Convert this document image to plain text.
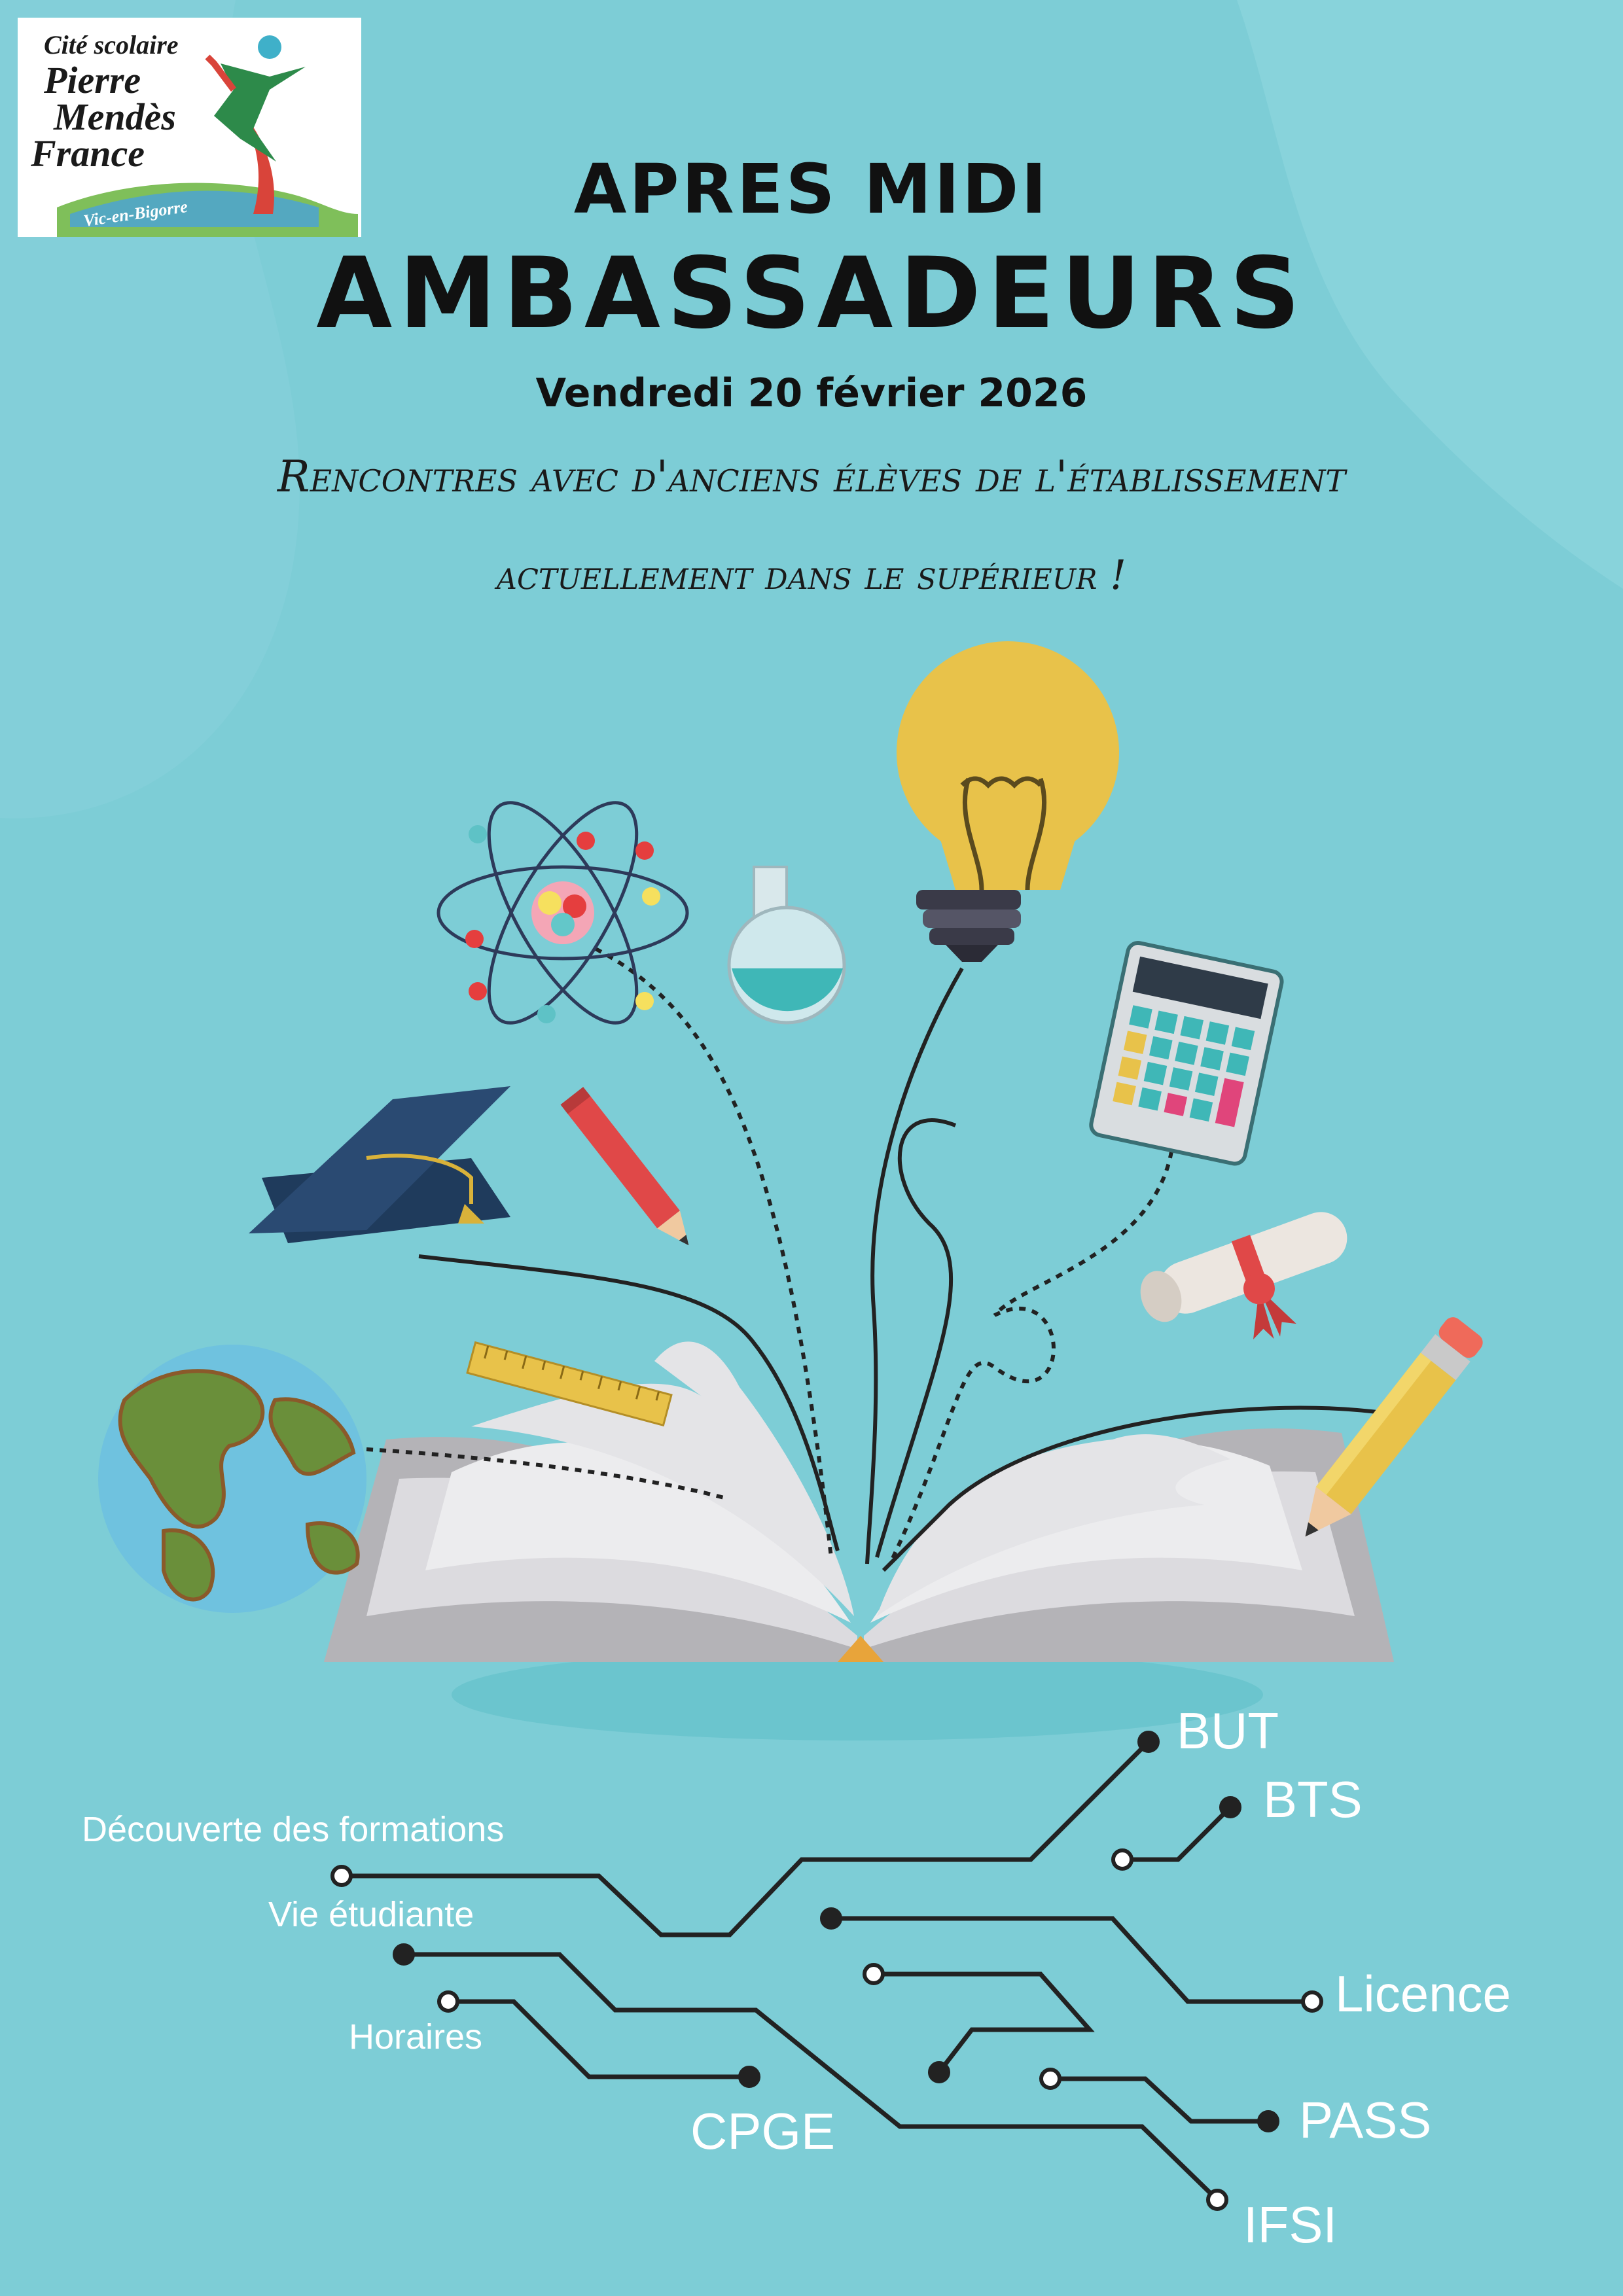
Cité scolaire
Pierre
Mendès
France
Vic-en-Bigorre	APRES MIDI
AMBASSADEURS
Vendredi 20 février 2026
Rencontres avec d'anciens élèves de l'établissement
actuellement dans le supérieur !
Découverte des formations
Vie étudiante
Horaires
BUT
BTS
Licence
CPGE	PASS
IFSI
